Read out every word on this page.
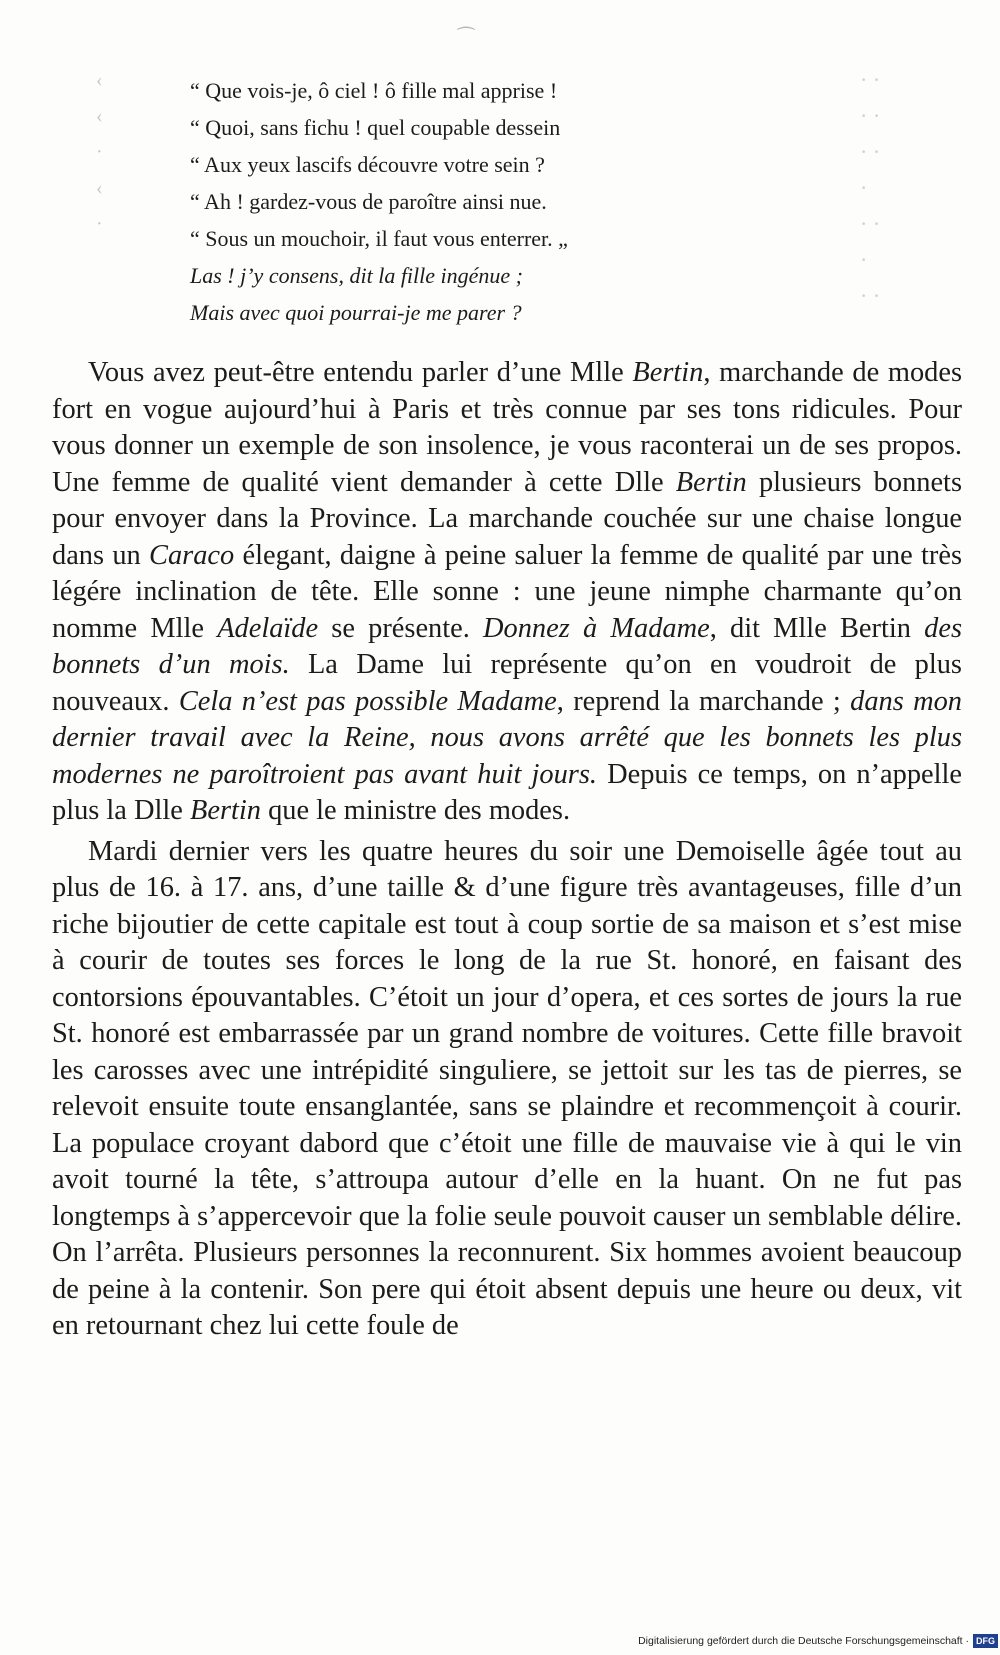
⁀
‹
‹
·
‹
·
· ·
· ·
· ·
·
· ·
·
· ·
“ Que vois-je, ô ciel ! ô fille mal apprise !
“ Quoi, sans fichu ! quel coupable dessein
“ Aux yeux lascifs découvre votre sein ?
“ Ah ! gardez-vous de paroître ainsi nue.
“ Sous un mouchoir, il faut vous enterrer. „
Las ! j’y consens, dit la fille ingénue ;
Mais avec quoi pourrai-je me parer ?

Vous avez peut-être entendu parler d’une Mlle Bertin, marchande de modes fort en vogue aujourd’hui à Paris et très connue par ses tons ridicules. Pour vous donner un exemple de son insolence, je vous raconterai un de ses propos. Une femme de qualité vient demander à cette Dlle Bertin plusieurs bonnets pour envoyer dans la Province. La marchande couchée sur une chaise longue dans un Caraco élegant, daigne à peine saluer la femme de qualité par une très légére inclination de tête. Elle sonne : une jeune nimphe charmante qu’on nomme Mlle Adelaïde se présente. Donnez à Madame, dit Mlle Bertin des bonnets d’un mois. La Dame lui représente qu’on en voudroit de plus nouveaux. Cela n’est pas possible Madame, reprend la marchande ; dans mon dernier travail avec la Reine, nous avons arrêté que les bonnets les plus modernes ne paroîtroient pas avant huit jours. Depuis ce temps, on n’appelle plus la Dlle Bertin que le ministre des modes.

Mardi dernier vers les quatre heures du soir une Demoiselle âgée tout au plus de 16. à 17. ans, d’une taille & d’une figure très avantageuses, fille d’un riche bijoutier de cette capitale est tout à coup sortie de sa maison et s’est mise à courir de toutes ses forces le long de la rue St. honoré, en faisant des contorsions épouvantables. C’étoit un jour d’opera, et ces sortes de jours la rue St. honoré est embarrassée par un grand nombre de voitures. Cette fille bravoit les carosses avec une intrépidité singuliere, se jettoit sur les tas de pierres, se relevoit ensuite toute ensanglantée, sans se plaindre et recommençoit à courir. La populace croyant dabord que c’étoit une fille de mauvaise vie à qui le vin avoit tourné la tête, s’attroupa autour d’elle en la huant. On ne fut pas longtemps à s’appercevoir que la folie seule pouvoit causer un semblable délire. On l’arrêta. Plusieurs personnes la reconnurent. Six hommes avoient beaucoup de peine à la contenir. Son pere qui étoit absent depuis une heure ou deux, vit en retournant chez lui cette foule de

Digitalisierung gefördert durch die Deutsche Forschungsgemeinschaft · DFG
